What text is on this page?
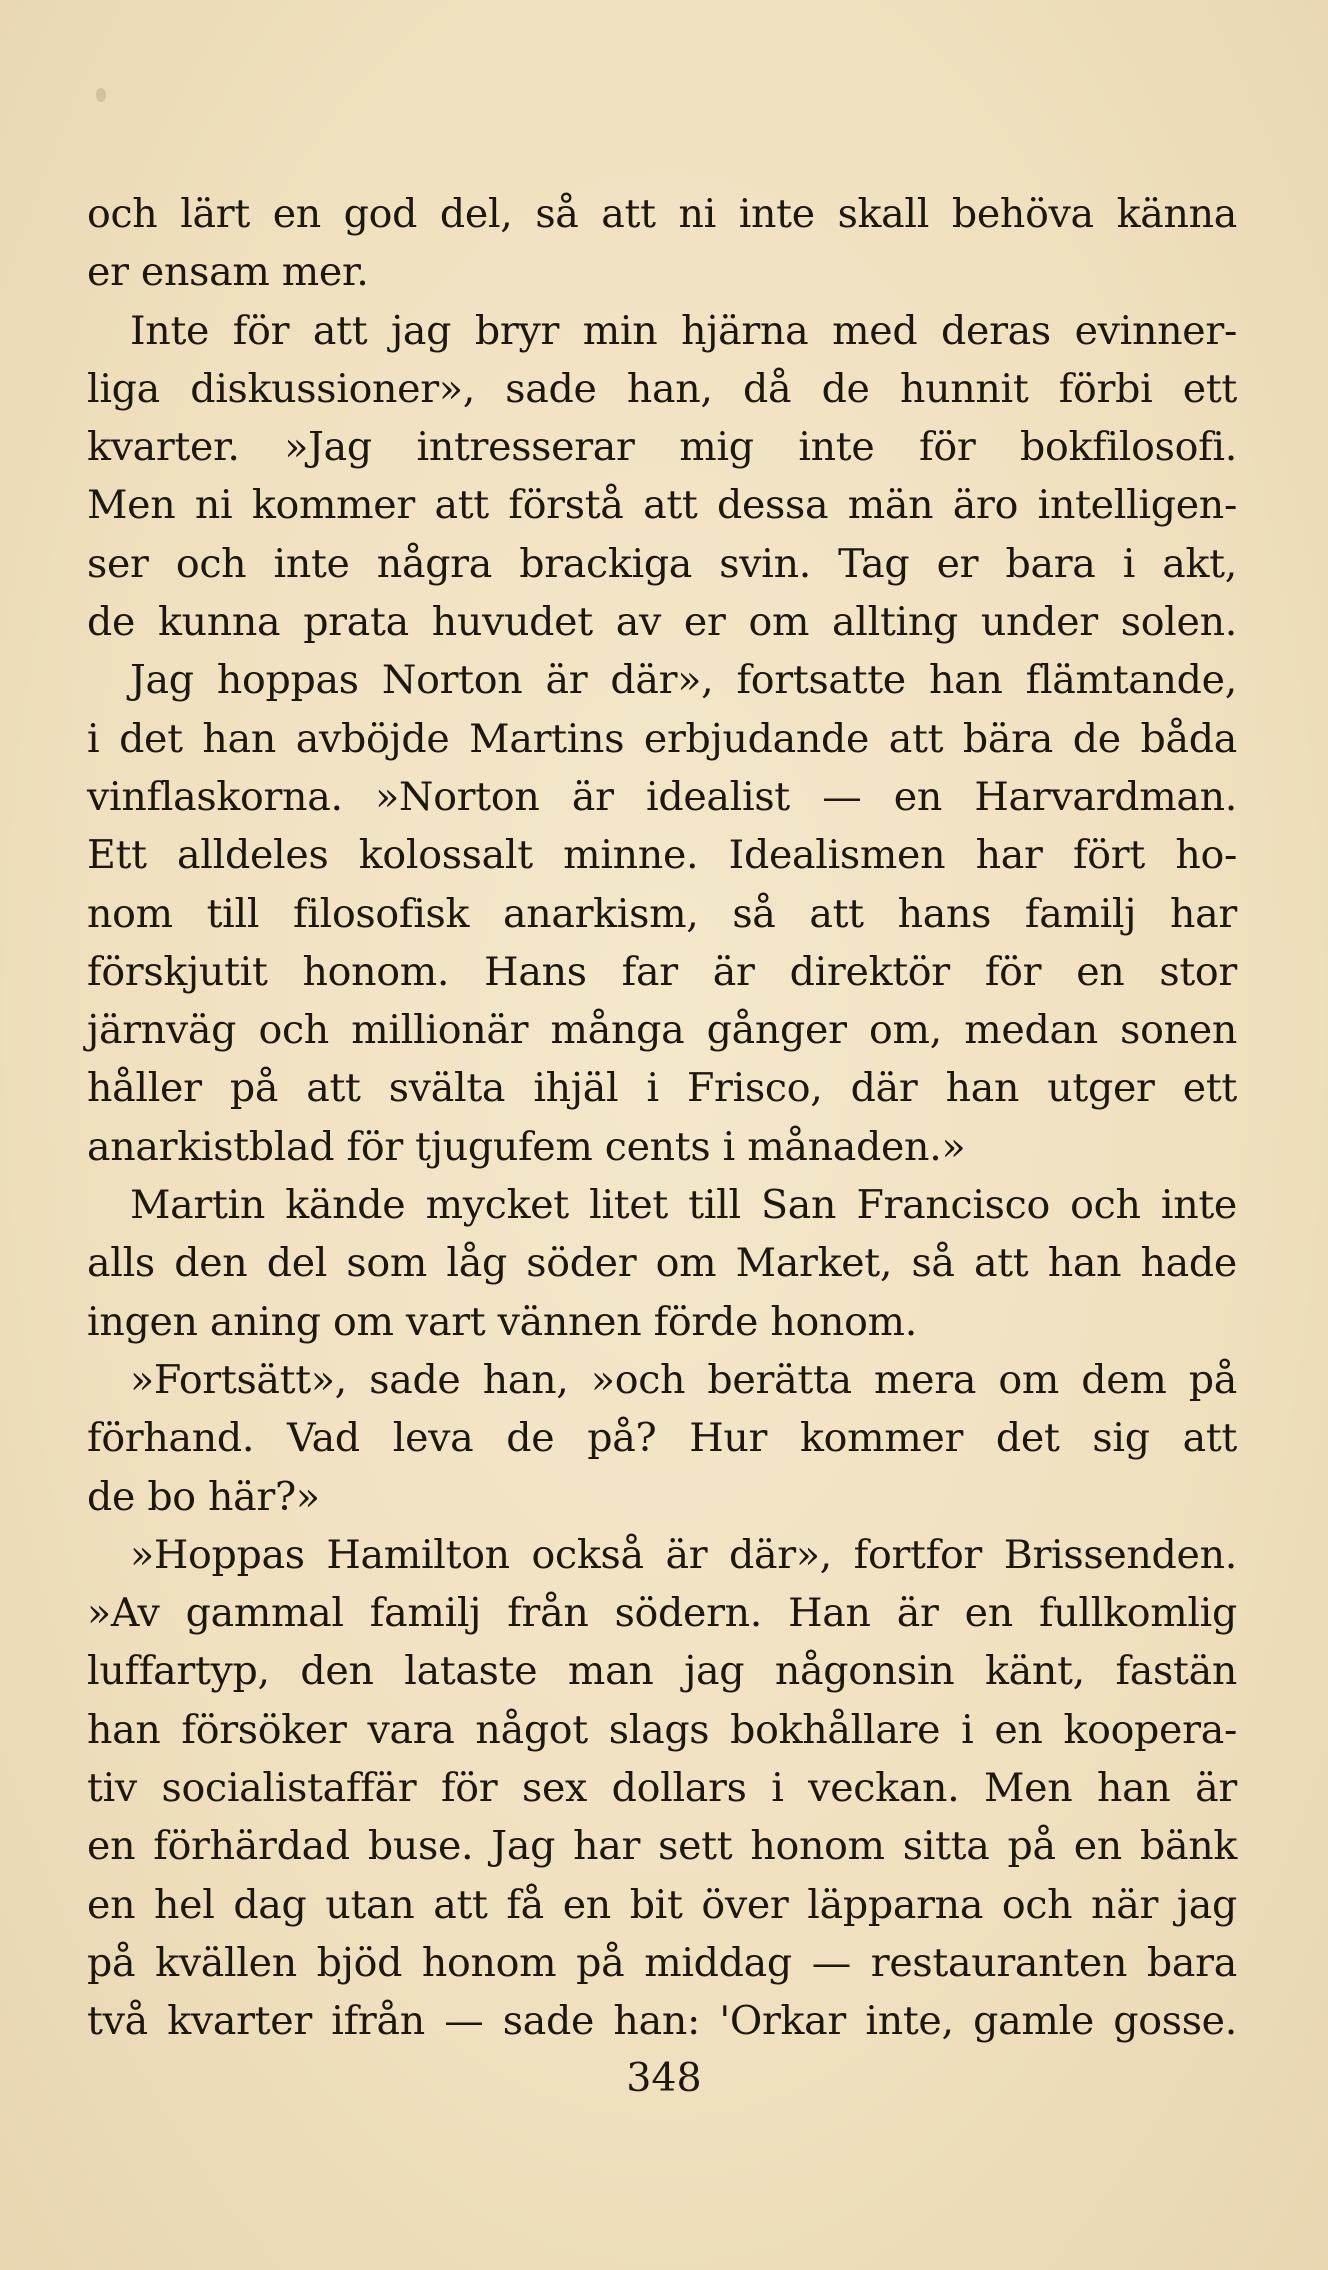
och lärt en god del, så att ni inte skall behöva känna
er ensam mer.
Inte för att jag bryr min hjärna med deras evinner-
liga diskussioner», sade han, då de hunnit förbi ett
kvarter. »Jag intresserar mig inte för bokfilosofi.
Men ni kommer att förstå att dessa män äro intelligen-
ser och inte några brackiga svin. Tag er bara i akt,
de kunna prata huvudet av er om allting under solen.
Jag hoppas Norton är där», fortsatte han flämtande,
i det han avböjde Martins erbjudande att bära de båda
vinflaskorna. »Norton är idealist — en Harvardman.
Ett alldeles kolossalt minne. Idealismen har fört ho-
nom till filosofisk anarkism, så att hans familj har
förskjutit honom. Hans far är direktör för en stor
järnväg och millionär många gånger om, medan sonen
håller på att svälta ihjäl i Frisco, där han utger ett
anarkistblad för tjugufem cents i månaden.»
Martin kände mycket litet till San Francisco och inte
alls den del som låg söder om Market, så att han hade
ingen aning om vart vännen förde honom.
»Fortsätt», sade han, »och berätta mera om dem på
förhand. Vad leva de på? Hur kommer det sig att
de bo här?»
»Hoppas Hamilton också är där», fortfor Brissenden.
»Av gammal familj från södern. Han är en fullkomlig
luffartyp, den lataste man jag någonsin känt, fastän
han försöker vara något slags bokhållare i en koopera-
tiv socialistaffär för sex dollars i veckan. Men han är
en förhärdad buse. Jag har sett honom sitta på en bänk
en hel dag utan att få en bit över läpparna och när jag
på kvällen bjöd honom på middag — restauranten bara
två kvarter ifrån — sade han: 'Orkar inte, gamle gosse.
348
